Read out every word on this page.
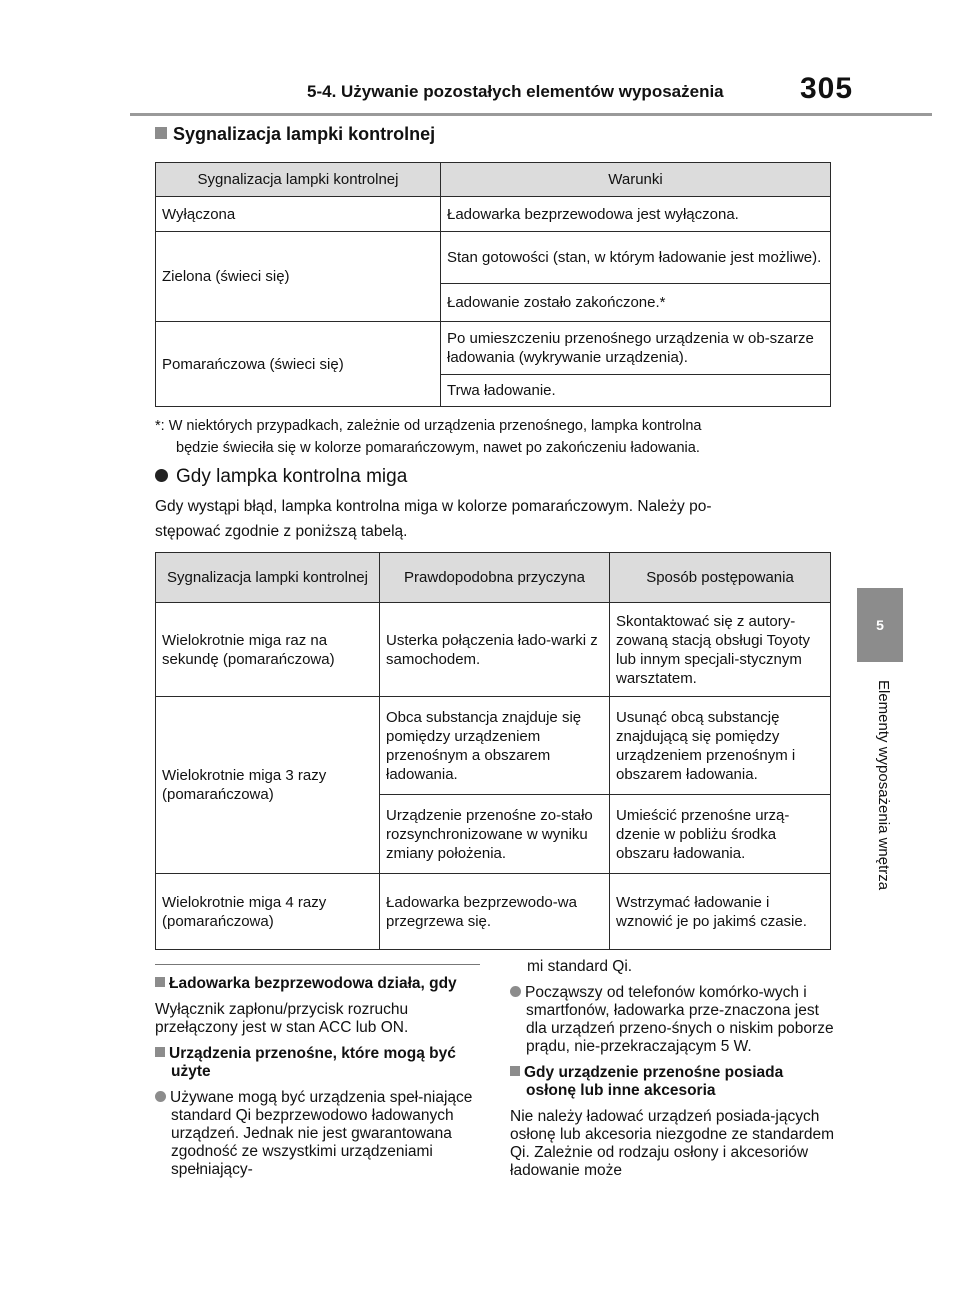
5-4. Używanie pozostałych elementów wyposażenia	305
5
Elementy wyposażenia wnętrza
Sygnalizacja lampki kontrolnej
Sygnalizacja lampki kontrolnej	Warunki
Wyłączona	Ładowarka bezprzewodowa jest wyłączona.
Zielona (świeci się)	Stan gotowości (stan, w którym ładowanie jest możliwe).
	Ładowanie zostało zakończone.*
Pomarańczowa (świeci się)	Po umieszczeniu przenośnego urządzenia w ob-szarze ładowania (wykrywanie urządzenia).
	Trwa ładowanie.
*: W niektórych przypadkach, zależnie od urządzenia przenośnego, lampka kontrolna
będzie świeciła się w kolorze pomarańczowym, nawet po zakończeniu ładowania.
Gdy lampka kontrolna miga
Gdy wystąpi błąd, lampka kontrolna miga w kolorze pomarańczowym. Należy po-
stępować zgodnie z poniższą tabelą.
Sygnalizacja lampki kontrolnej	Prawdopodobna przyczyna	Sposób postępowania
Wielokrotnie miga raz na sekundę (pomarańczowa)	Usterka połączenia łado-warki z samochodem.	Skontaktować się z autory-zowaną stacją obsługi Toyoty lub innym specjali-stycznym warsztatem.
Wielokrotnie miga 3 razy (pomarańczowa)	Obca substancja znajduje się pomiędzy urządzeniem przenośnym a obszarem ładowania.	Usunąć obcą substancję znajdującą się pomiędzy urządzeniem przenośnym i obszarem ładowania.
	Urządzenie przenośne zo-stało rozsynchronizowane w wyniku zmiany położenia.	Umieścić przenośne urzą-dzenie w pobliżu środka obszaru ładowania.
Wielokrotnie miga 4 razy (pomarańczowa)	Ładowarka bezprzewodo-wa przegrzewa się.	Wstrzymać ładowanie i wznowić je po jakimś czasie.
Ładowarka bezprzewodowa działa, gdy
Wyłącznik zapłonu/przycisk rozruchu przełączony jest w stan ACC lub ON.
Urządzenia przenośne, które mogą być użyte
Używane mogą być urządzenia speł-niające standard Qi bezprzewodowo ładowanych urządzeń. Jednak nie jest gwarantowana zgodność ze wszystkimi urządzeniami spełniający-
mi standard Qi.
Począwszy od telefonów komórko-wych i smartfonów, ładowarka prze-znaczona jest dla urządzeń przeno-śnych o niskim poborze prądu, nie-przekraczającym 5 W.
Gdy urządzenie przenośne posiada osłonę lub inne akcesoria
Nie należy ładować urządzeń posiada-jących osłonę lub akcesoria niezgodne ze standardem Qi. Zależnie od rodzaju osłony i akcesoriów ładowanie może
